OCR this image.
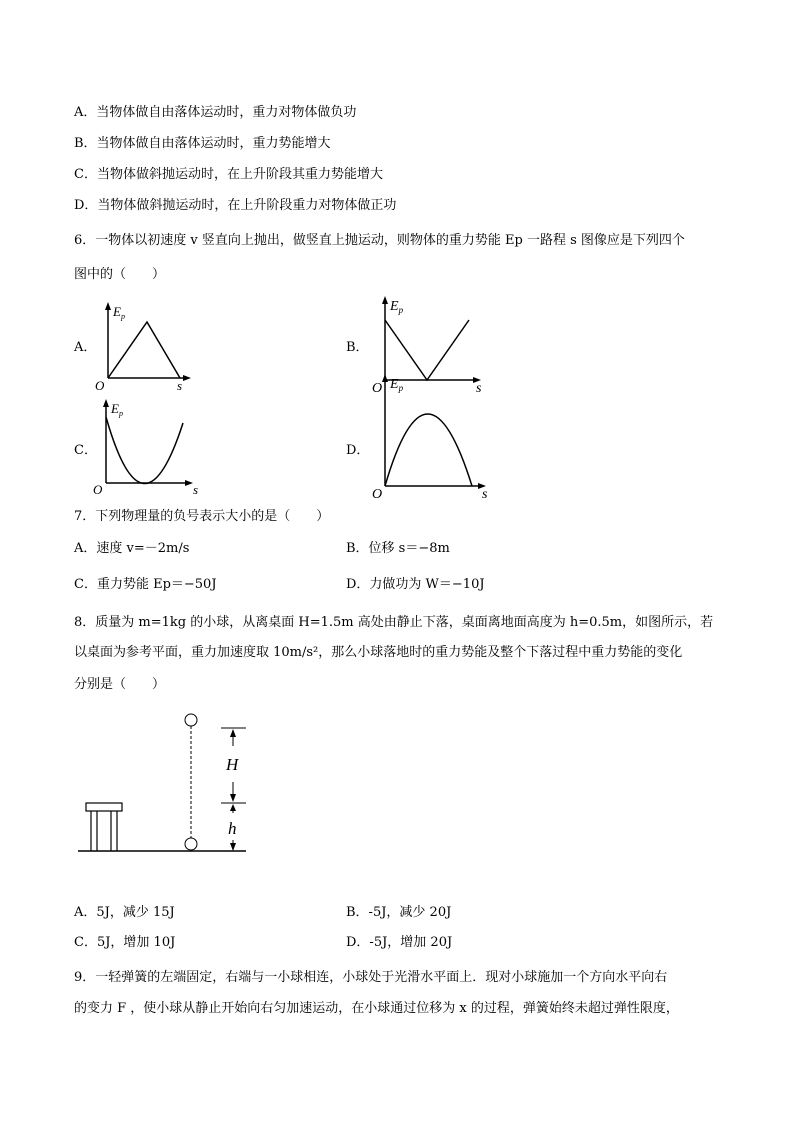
A．当物体做自由落体运动时，重力对物体做负功
B．当物体做自由落体运动时，重力势能增大
C．当物体做斜抛运动时，在上升阶段其重力势能增大
D．当物体做斜抛运动时，在上升阶段重力对物体做正功
6．一物体以初速度 v 竖直向上抛出，做竖直上抛运动，则物体的重力势能 Ep 一路程 s 图像应是下列四个
图中的（　　）
A．	B．
C．	D．
$E_p$
O	s
$E_p$
O	s
$E_p$
O	s
$E_p$
O	s
7．下列物理量的负号表示大小的是（　　）
A．速度 v=－2m/s	B．位移 s＝−8m
C．重力势能 Ep＝−50J	D．力做功为 W＝−10J
8．质量为 m=1kg 的小球，从离桌面 H=1.5m 高处由静止下落，桌面离地面高度为 h=0.5m，如图所示，若
以桌面为参考平面，重力加速度取 10m/s²，那么小球落地时的重力势能及整个下落过程中重力势能的变化
分别是（　　）
H
h
A．5J，减少 15J	B．-5J，减少 20J
C．5J，增加 10J	D．-5J，增加 20J
9．一轻弹簧的左端固定，右端与一小球相连，小球处于光滑水平面上．现对小球施加一个方向水平向右
的变力 F ，使小球从静止开始向右匀加速运动，在小球通过位移为 x 的过程，弹簧始终未超过弹性限度，
